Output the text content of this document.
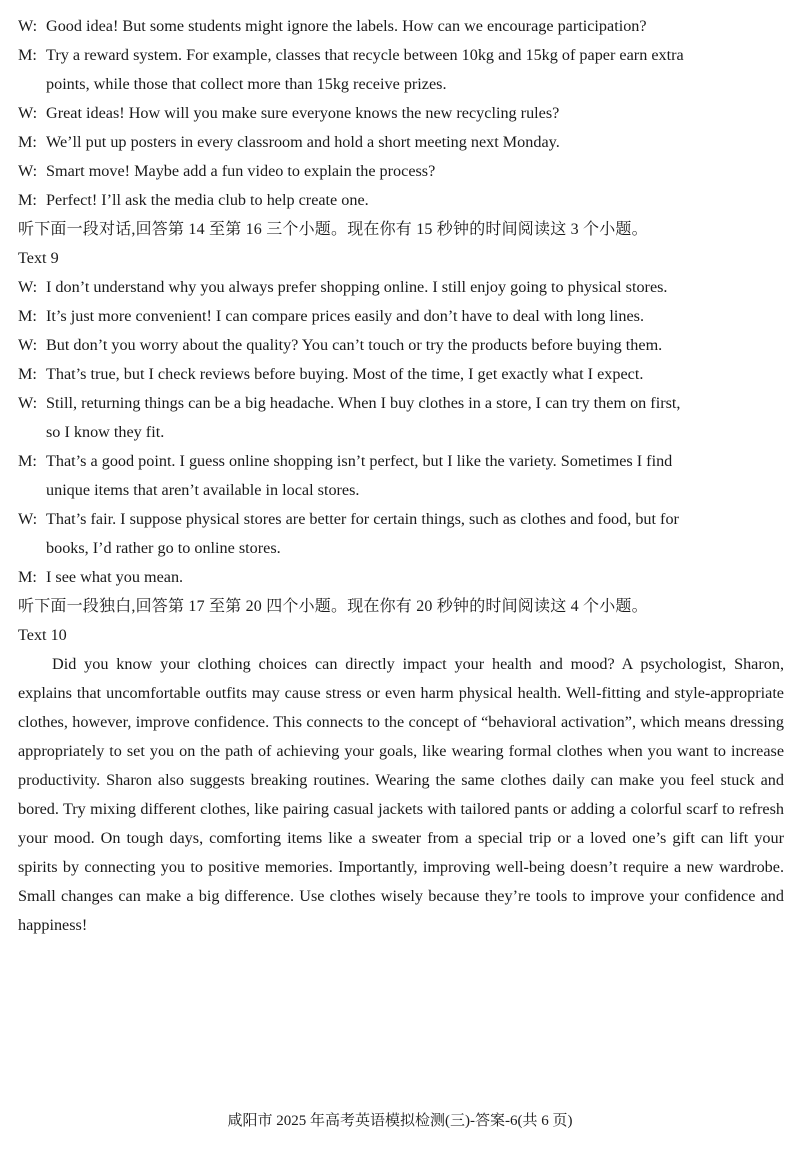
W: Good idea! But some students might ignore the labels. How can we encourage participation?
M: Try a reward system. For example, classes that recycle between 10kg and 15kg of paper earn extra
points, while those that collect more than 15kg receive prizes.
W: Great ideas! How will you make sure everyone knows the new recycling rules?
M: We’ll put up posters in every classroom and hold a short meeting next Monday.
W: Smart move! Maybe add a fun video to explain the process?
M: Perfect! I’ll ask the media club to help create one.
听下面一段对话,回答第 14 至第 16 三个小题。现在你有 15 秒钟的时间阅读这 3 个小题。
Text 9
W: I don’t understand why you always prefer shopping online. I still enjoy going to physical stores.
M: It’s just more convenient! I can compare prices easily and don’t have to deal with long lines.
W: But don’t you worry about the quality? You can’t touch or try the products before buying them.
M: That’s true, but I check reviews before buying. Most of the time, I get exactly what I expect.
W: Still, returning things can be a big headache. When I buy clothes in a store, I can try them on first,
so I know they fit.
M: That’s a good point. I guess online shopping isn’t perfect, but I like the variety. Sometimes I find
unique items that aren’t available in local stores.
W: That’s fair. I suppose physical stores are better for certain things, such as clothes and food, but for
books, I’d rather go to online stores.
M: I see what you mean.
听下面一段独白,回答第 17 至第 20 四个小题。现在你有 20 秒钟的时间阅读这 4 个小题。
Text 10

Did you know your clothing choices can directly impact your health and mood? A psychologist, Sharon, explains that uncomfortable outfits may cause stress or even harm physical health. Well-fitting and style-appropriate clothes, however, improve confidence. This connects to the concept of “behavioral activation”, which means dressing appropriately to set you on the path of achieving your goals, like wearing formal clothes when you want to increase productivity. Sharon also suggests breaking routines. Wearing the same clothes daily can make you feel stuck and bored. Try mixing different clothes, like pairing casual jackets with tailored pants or adding a colorful scarf to refresh your mood. On tough days, comforting items like a sweater from a special trip or a loved one’s gift can lift your spirits by connecting you to positive memories. Importantly, improving well-being doesn’t require a new wardrobe. Small changes can make a big difference. Use clothes wisely because they’re tools to improve your confidence and happiness!

咸阳市 2025 年高考英语模拟检测(三)-答案-6(共 6 页)
